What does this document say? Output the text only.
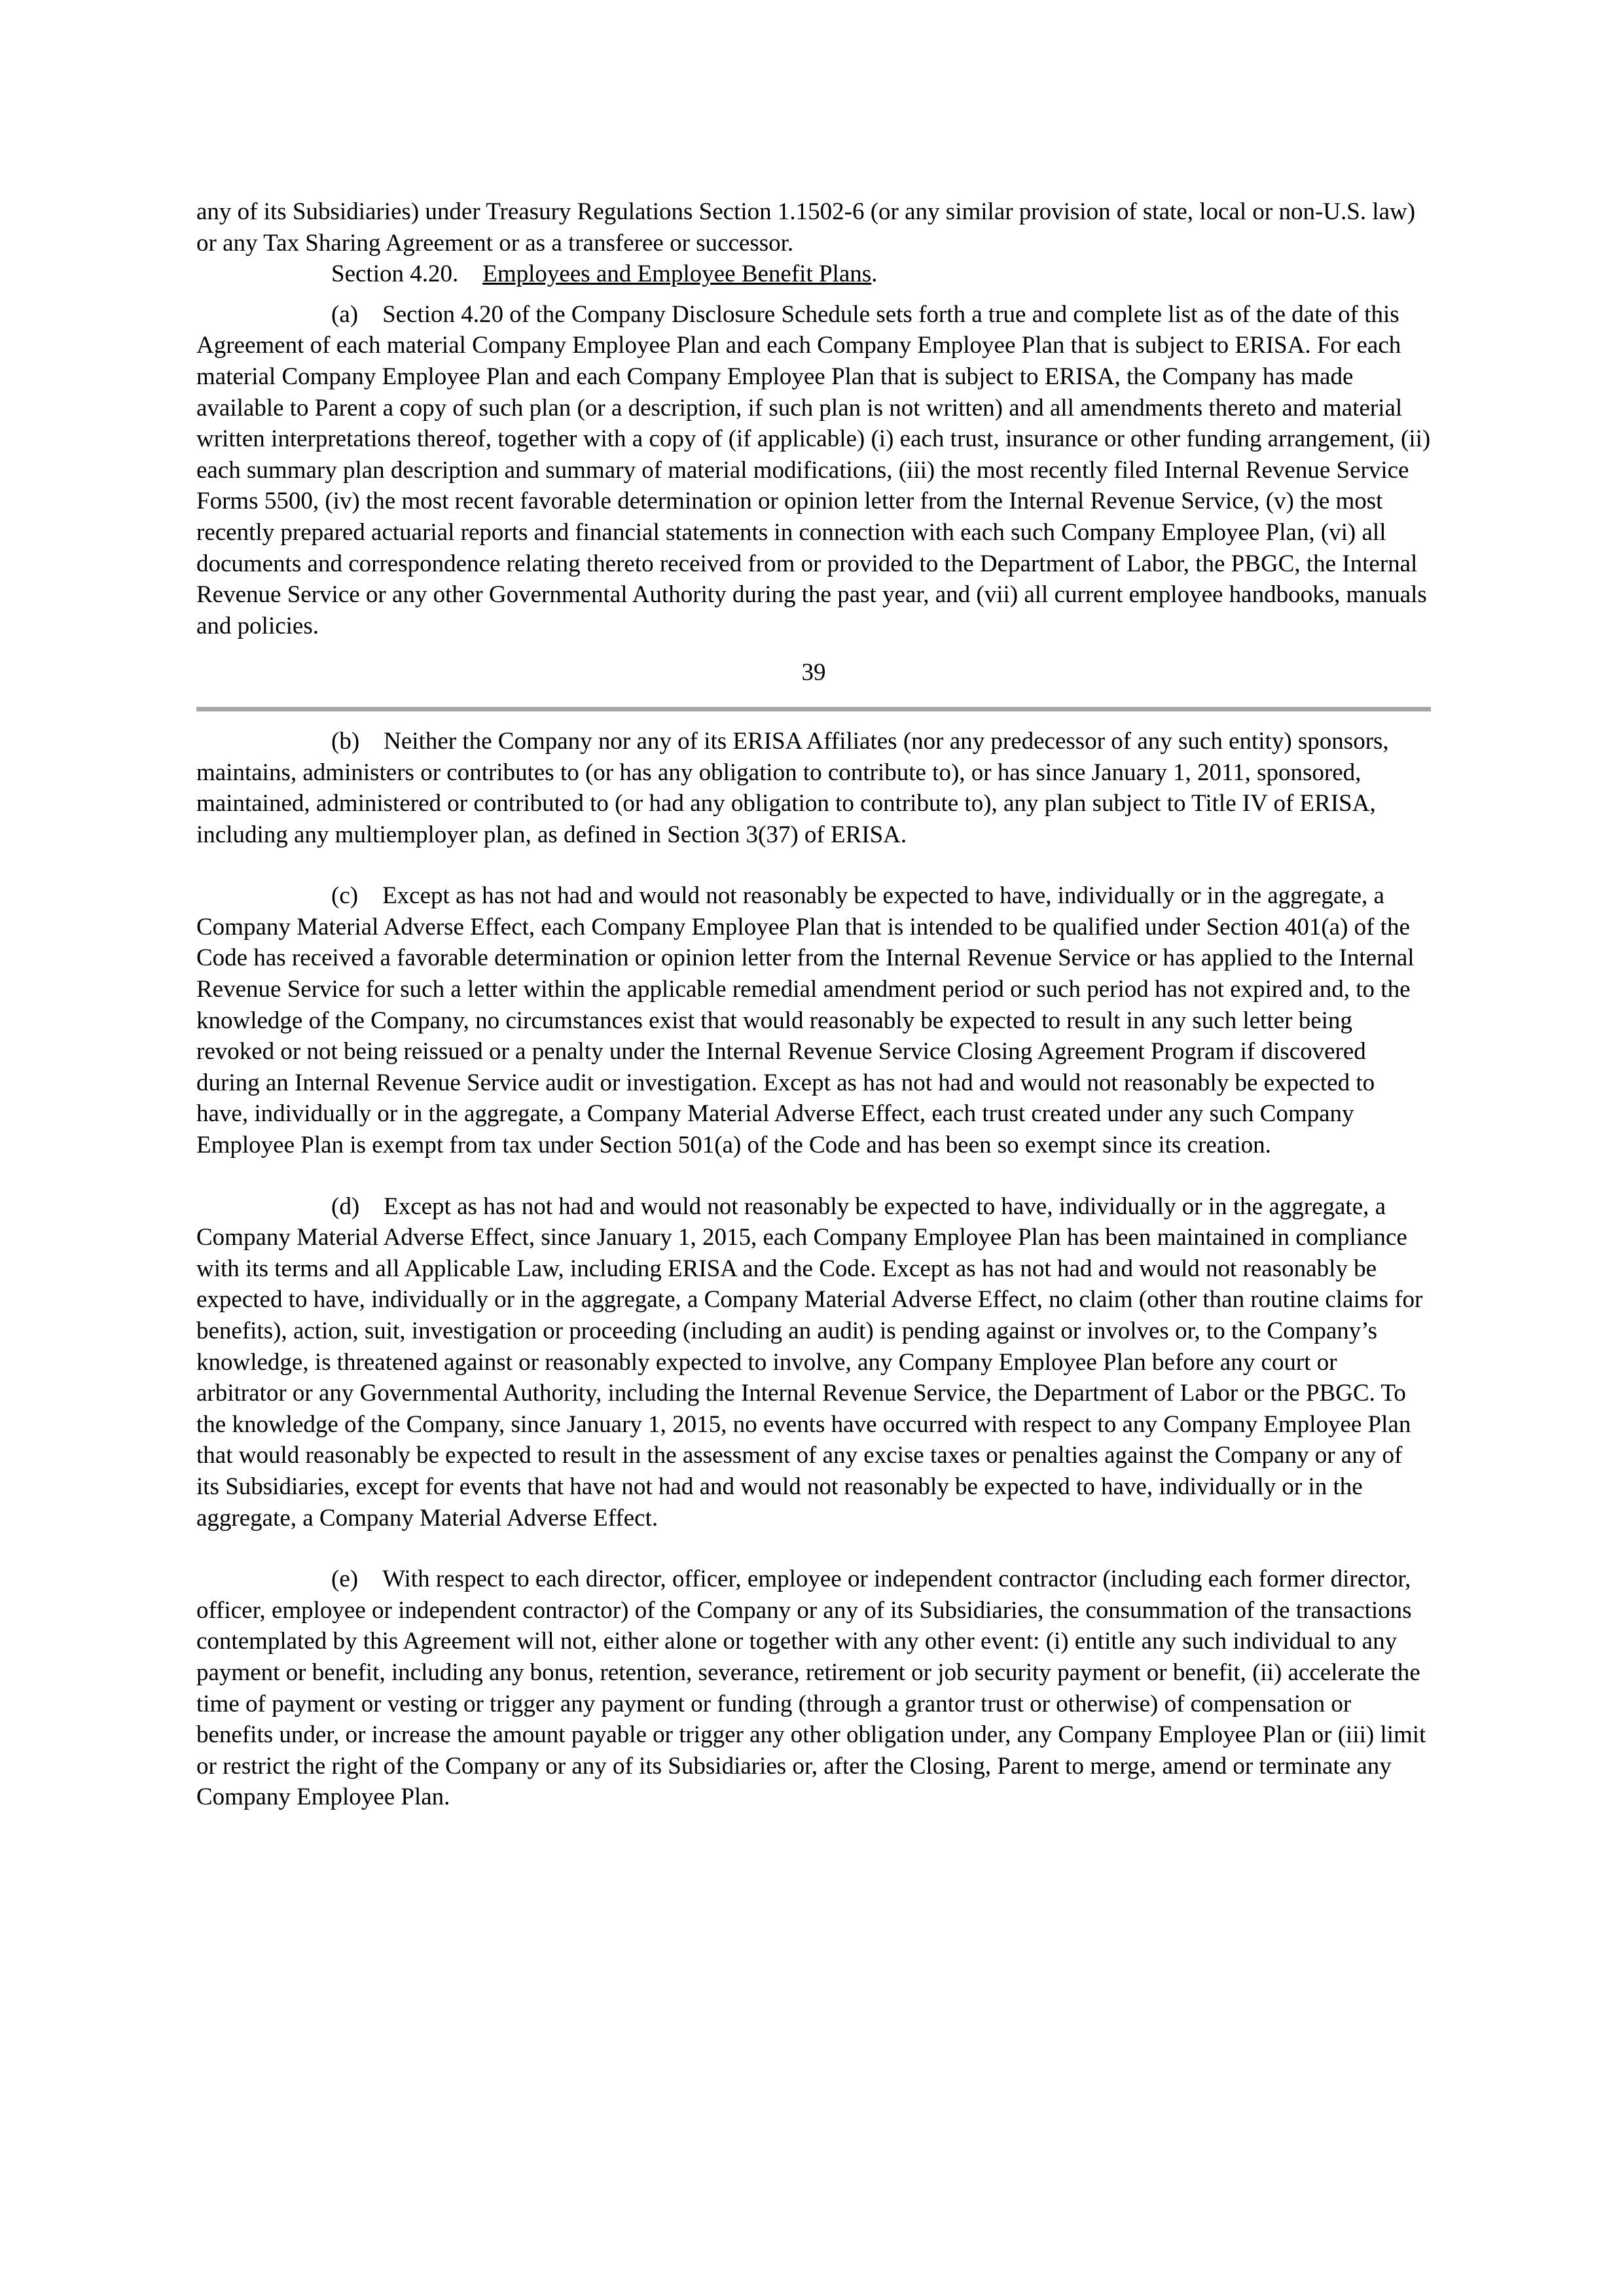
any of its Subsidiaries) under Treasury Regulations Section 1.1502-6 (or any similar provision of state, local or non-U.S. law) or any Tax Sharing Agreement or as a transferee or successor.

Section 4.20. Employees and Employee Benefit Plans.

(a)    Section 4.20 of the Company Disclosure Schedule sets forth a true and complete list as of the date of this Agreement of each material Company Employee Plan and each Company Employee Plan that is subject to ERISA. For each material Company Employee Plan and each Company Employee Plan that is subject to ERISA, the Company has made available to Parent a copy of such plan (or a description, if such plan is not written) and all amendments thereto and material written interpretations thereof, together with a copy of (if applicable) (i) each trust, insurance or other funding arrangement, (ii) each summary plan description and summary of material modifications, (iii) the most recently filed Internal Revenue Service Forms 5500, (iv) the most recent favorable determination or opinion letter from the Internal Revenue Service, (v) the most recently prepared actuarial reports and financial statements in connection with each such Company Employee Plan, (vi) all documents and correspondence relating thereto received from or provided to the Department of Labor, the PBGC, the Internal Revenue Service or any other Governmental Authority during the past year, and (vii) all current employee handbooks, manuals and policies.

39

(b)    Neither the Company nor any of its ERISA Affiliates (nor any predecessor of any such entity) sponsors, maintains, administers or contributes to (or has any obligation to contribute to), or has since January 1, 2011, sponsored, maintained, administered or contributed to (or had any obligation to contribute to), any plan subject to Title IV of ERISA, including any multiemployer plan, as defined in Section 3(37) of ERISA.

(c)    Except as has not had and would not reasonably be expected to have, individually or in the aggregate, a Company Material Adverse Effect, each Company Employee Plan that is intended to be qualified under Section 401(a) of the Code has received a favorable determination or opinion letter from the Internal Revenue Service or has applied to the Internal Revenue Service for such a letter within the applicable remedial amendment period or such period has not expired and, to the knowledge of the Company, no circumstances exist that would reasonably be expected to result in any such letter being revoked or not being reissued or a penalty under the Internal Revenue Service Closing Agreement Program if discovered during an Internal Revenue Service audit or investigation. Except as has not had and would not reasonably be expected to have, individually or in the aggregate, a Company Material Adverse Effect, each trust created under any such Company Employee Plan is exempt from tax under Section 501(a) of the Code and has been so exempt since its creation.

(d)    Except as has not had and would not reasonably be expected to have, individually or in the aggregate, a Company Material Adverse Effect, since January 1, 2015, each Company Employee Plan has been maintained in compliance with its terms and all Applicable Law, including ERISA and the Code. Except as has not had and would not reasonably be expected to have, individually or in the aggregate, a Company Material Adverse Effect, no claim (other than routine claims for benefits), action, suit, investigation or proceeding (including an audit) is pending against or involves or, to the Company’s knowledge, is threatened against or reasonably expected to involve, any Company Employee Plan before any court or arbitrator or any Governmental Authority, including the Internal Revenue Service, the Department of Labor or the PBGC. To the knowledge of the Company, since January 1, 2015, no events have occurred with respect to any Company Employee Plan that would reasonably be expected to result in the assessment of any excise taxes or penalties against the Company or any of its Subsidiaries, except for events that have not had and would not reasonably be expected to have, individually or in the aggregate, a Company Material Adverse Effect.

(e)    With respect to each director, officer, employee or independent contractor (including each former director, officer, employee or independent contractor) of the Company or any of its Subsidiaries, the consummation of the transactions contemplated by this Agreement will not, either alone or together with any other event: (i) entitle any such individual to any payment or benefit, including any bonus, retention, severance, retirement or job security payment or benefit, (ii) accelerate the time of payment or vesting or trigger any payment or funding (through a grantor trust or otherwise) of compensation or benefits under, or increase the amount payable or trigger any other obligation under, any Company Employee Plan or (iii) limit or restrict the right of the Company or any of its Subsidiaries or, after the Closing, Parent to merge, amend or terminate any Company Employee Plan.
